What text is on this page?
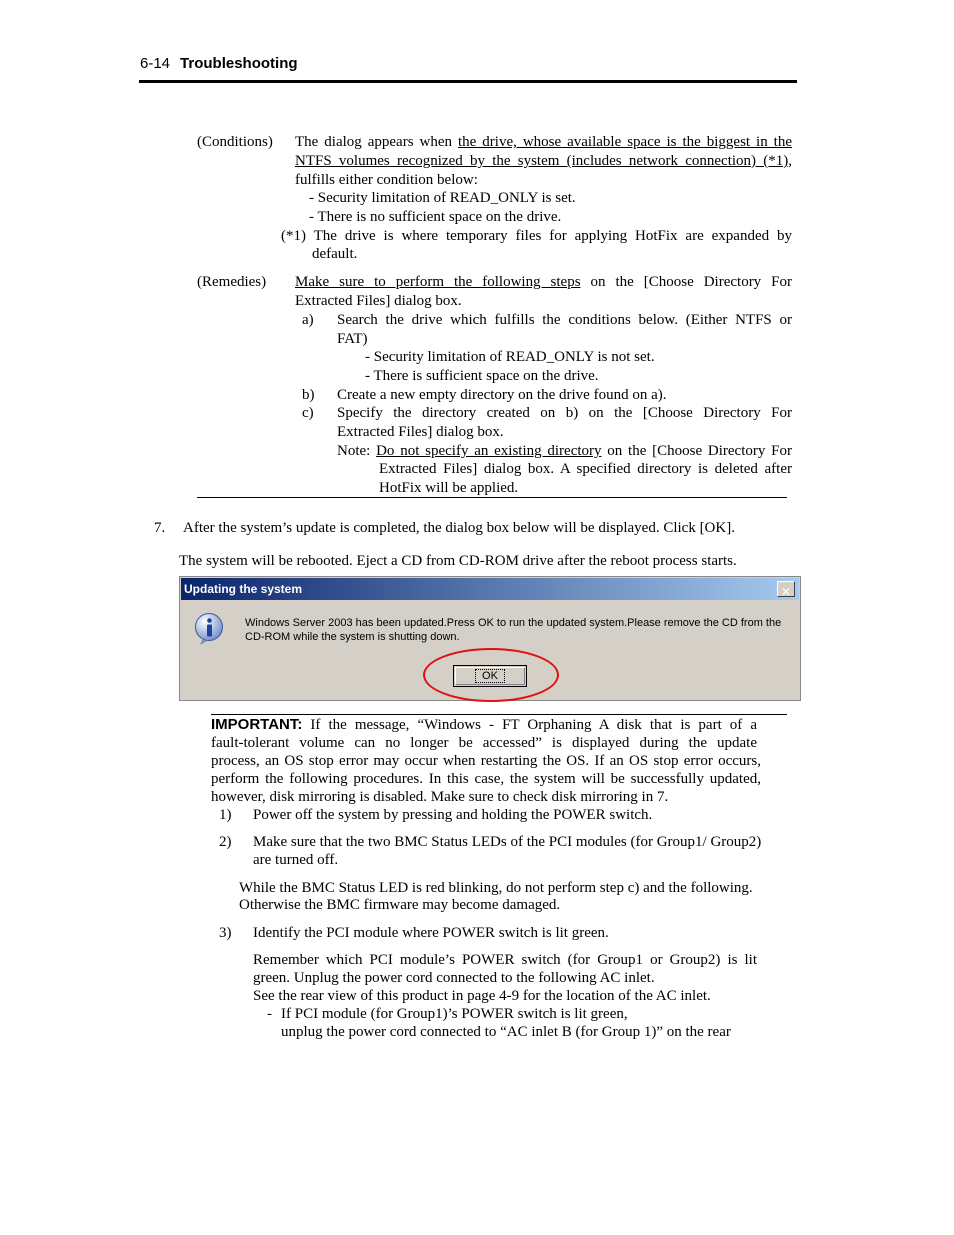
6-14 Troubleshooting
(Conditions) The dialog appears when the drive, whose available space is the biggest in the
NTFS volumes recognized by the system (includes network connection) (*1),
fulfills either condition below:
- Security limitation of READ_ONLY is set.
- There is no sufficient space on the drive.
(*1) The drive is where temporary files for applying HotFix are expanded by
default.
(Remedies) Make sure to perform the following steps on the [Choose Directory For
Extracted Files] dialog box.
a) Search the drive which fulfills the conditions below. (Either NTFS or
FAT)
- Security limitation of READ_ONLY is not set.
- There is sufficient space on the drive.
b) Create a new empty directory on the drive found on a).
c) Specify the directory created on b) on the [Choose Directory For
Extracted Files] dialog box.
Note: Do not specify an existing directory on the [Choose Directory For
Extracted Files] dialog box. A specified directory is deleted after
HotFix will be applied.
7. After the system’s update is completed, the dialog box below will be displayed. Click [OK].
The system will be rebooted. Eject a CD from CD-ROM drive after the reboot process starts.
Updating the system	✕
Windows Server 2003 has been updated.Press OK to run the updated system.Please remove the CD from the
CD-ROM while the system is shutting down.
OK
IMPORTANT: If the message, “Windows - FT Orphaning A disk that is part of a
fault-tolerant volume can no longer be accessed” is displayed during the update
process, an OS stop error may occur when restarting the OS. If an OS stop error occurs,
perform the following procedures. In this case, the system will be successfully updated,
however, disk mirroring is disabled. Make sure to check disk mirroring in 7.
1) Power off the system by pressing and holding the POWER switch.
2) Make sure that the two BMC Status LEDs of the PCI modules (for Group1/ Group2)
are turned off.
While the BMC Status LED is red blinking, do not perform step c) and the following.
Otherwise the BMC firmware may become damaged.
3) Identify the PCI module where POWER switch is lit green.
Remember which PCI module’s POWER switch (for Group1 or Group2) is lit
green. Unplug the power cord connected to the following AC inlet.
See the rear view of this product in page 4-9 for the location of the AC inlet.
- If PCI module (for Group1)’s POWER switch is lit green,
unplug the power cord connected to “AC inlet B (for Group 1)” on the rear
